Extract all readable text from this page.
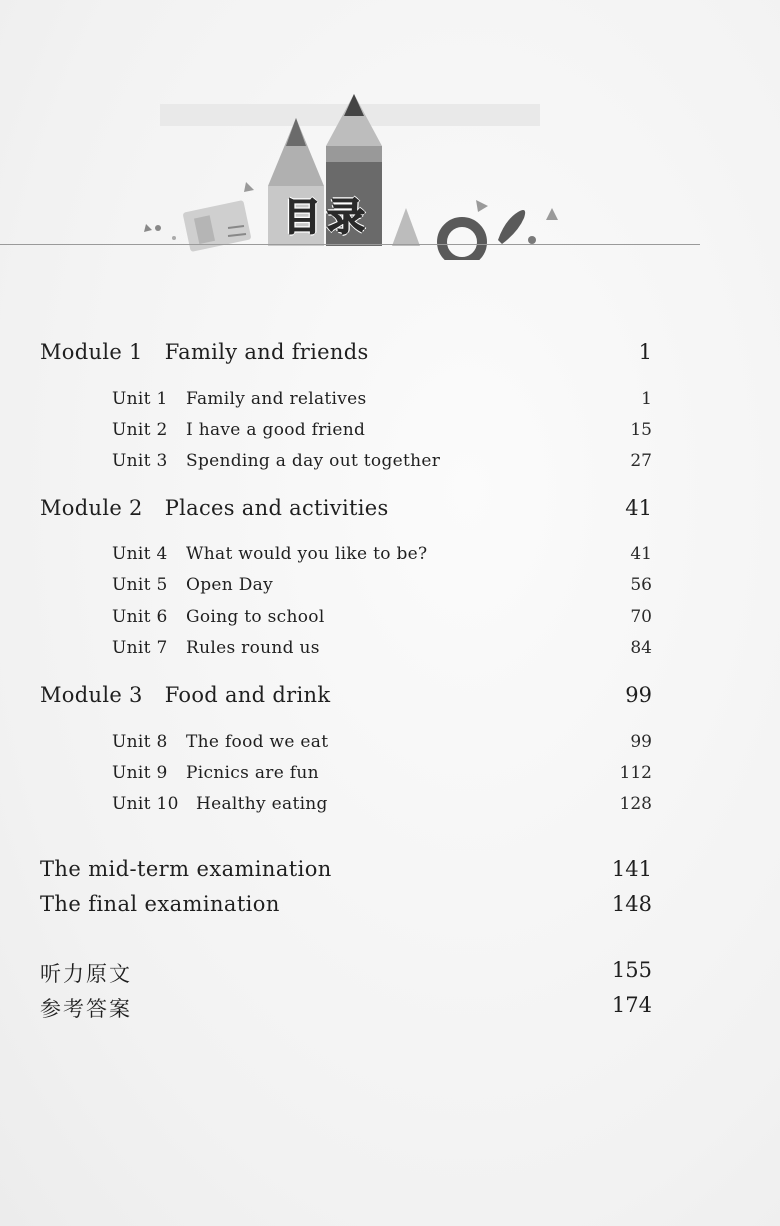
目录
Module 1 Family and friends	1
Unit 1 Family and relatives	1
Unit 2 I have a good friend	15
Unit 3 Spending a day out together	27
Module 2 Places and activities	41
Unit 4 What would you like to be?	41
Unit 5 Open Day	56
Unit 6 Going to school	70
Unit 7 Rules round us	84
Module 3 Food and drink	99
Unit 8 The food we eat	99
Unit 9 Picnics are fun	112
Unit 10 Healthy eating	128
The mid-term examination	141
The final examination	148
听力原文	155
参考答案	174
